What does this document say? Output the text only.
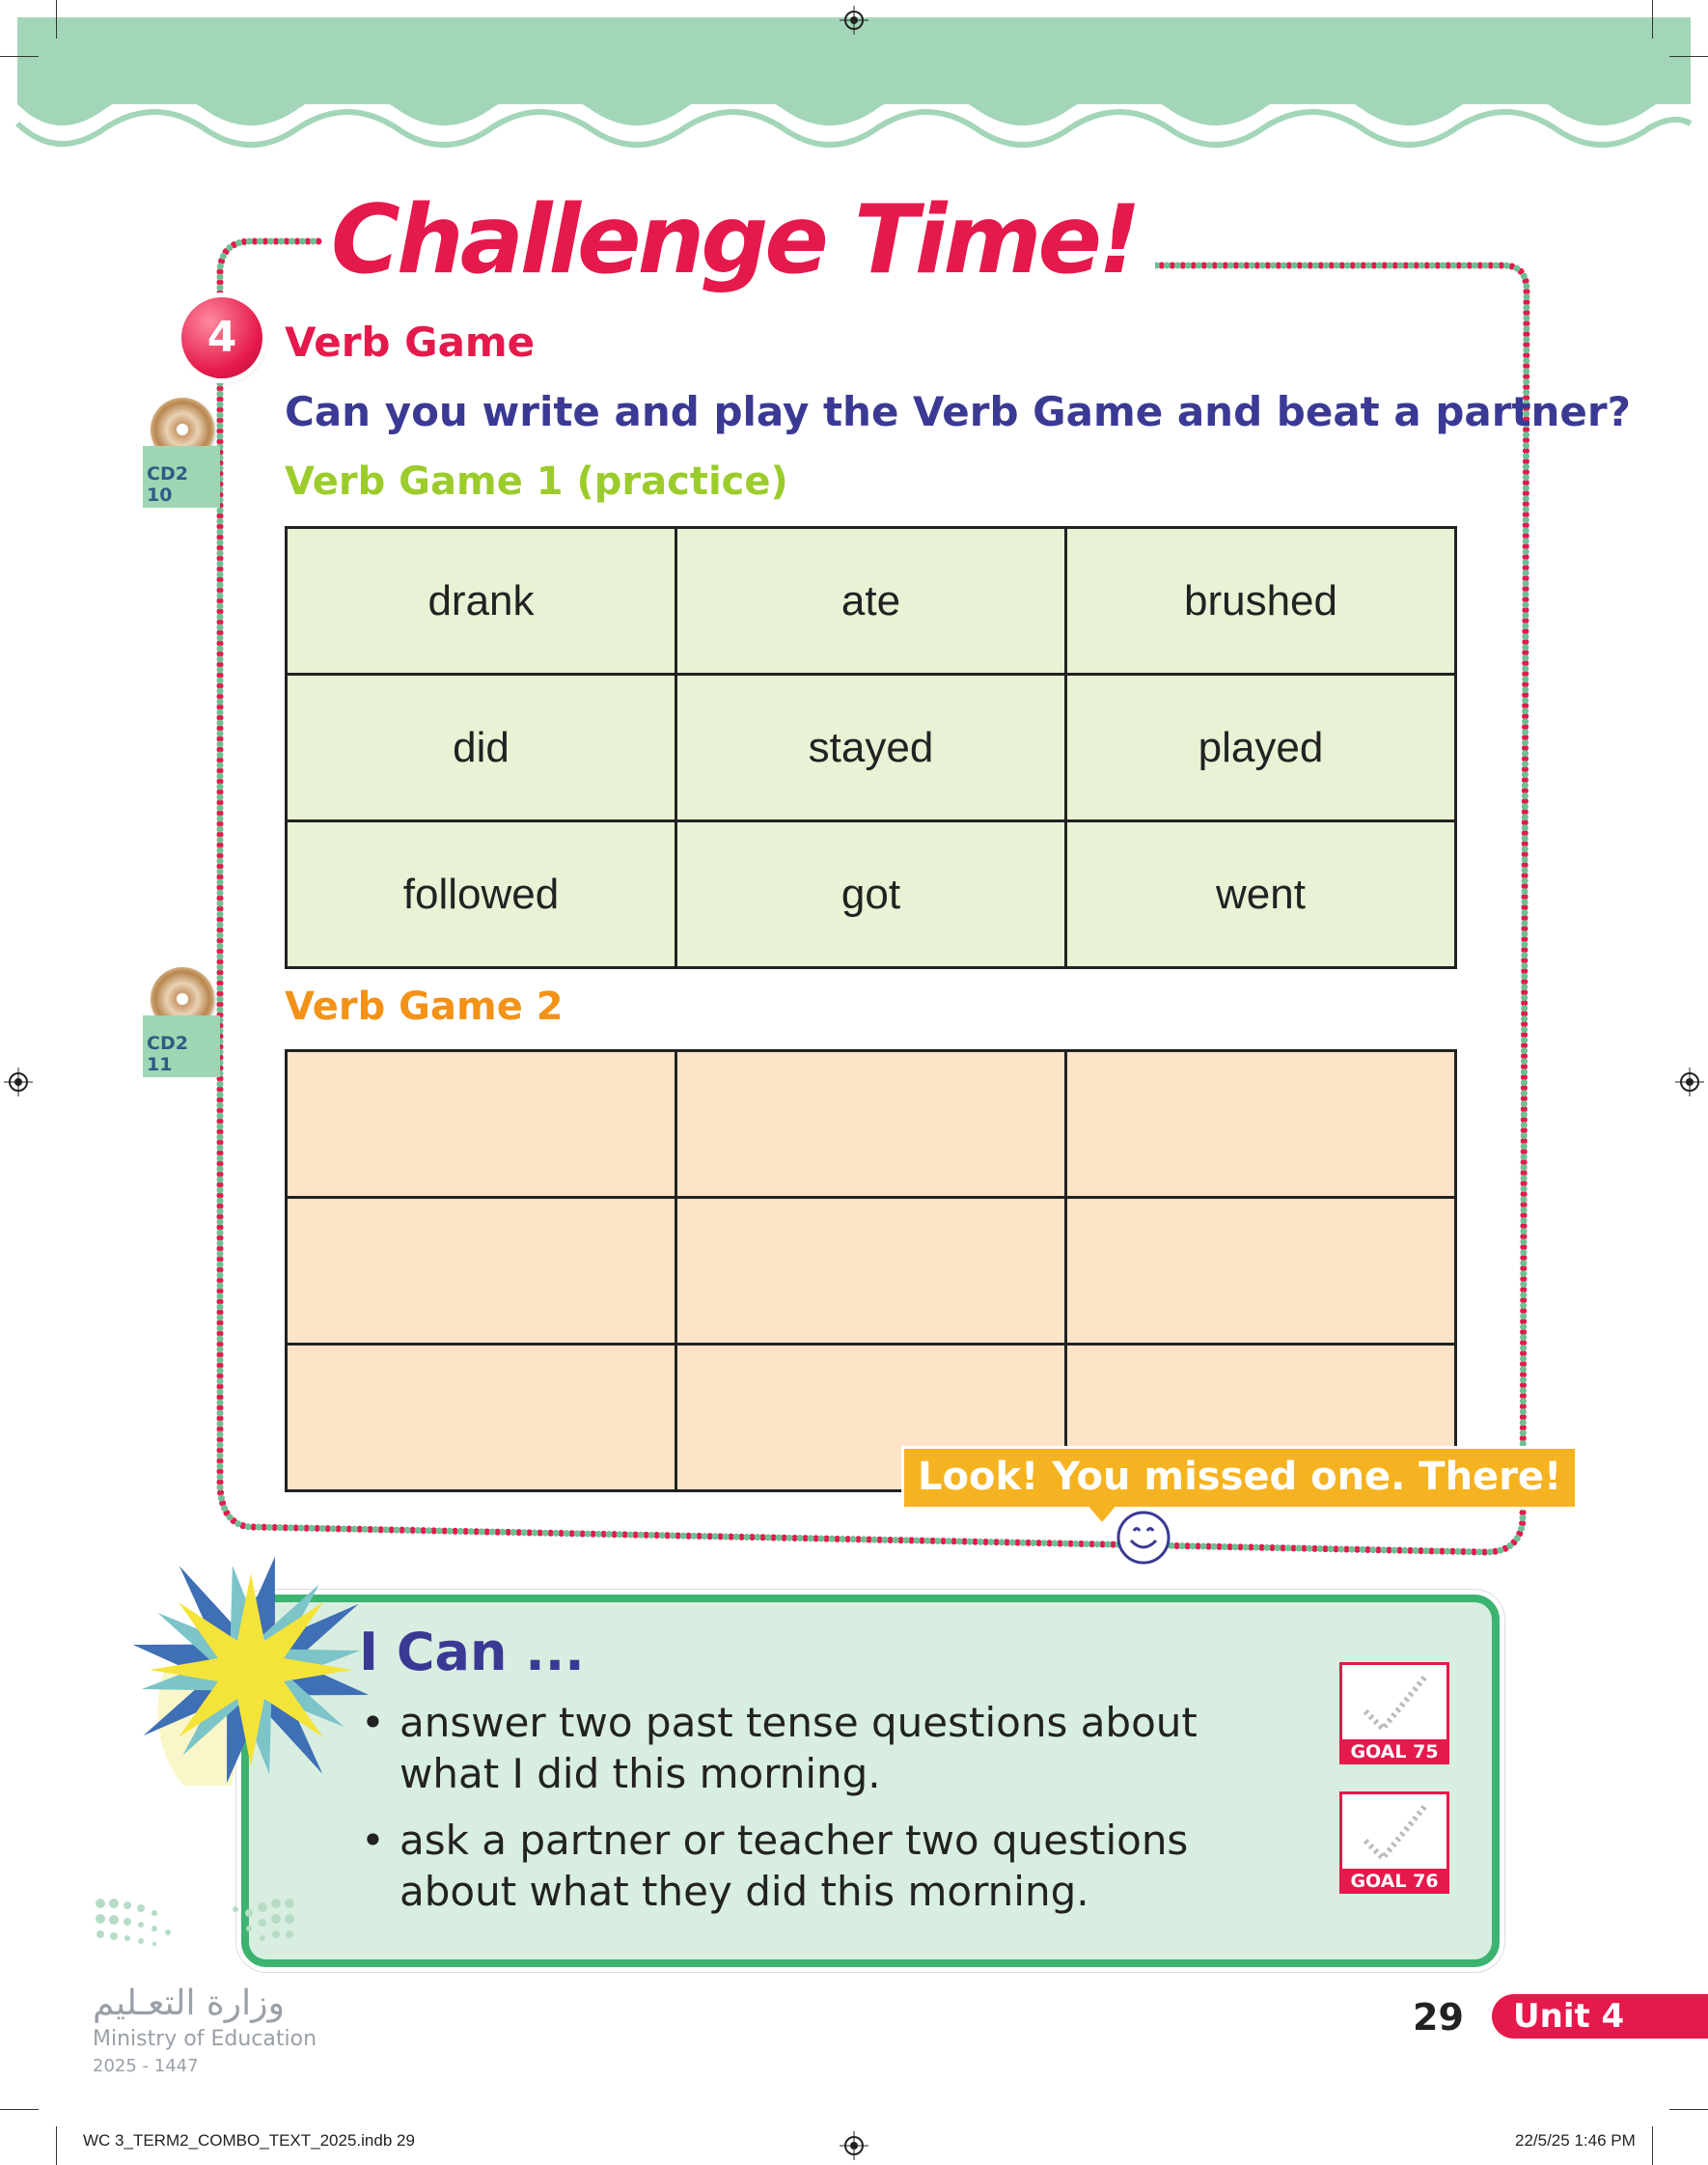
Challenge Time!
4	Verb Game
Can you write and play the Verb Game and beat a partner?
CD2 10
CD2 11
Verb Game 1 (practice)
drank	ate	brushed
did	stayed	played
followed	got	went
Verb Game 2

Look! You missed one. There!
I Can ...
• answer two past tense questions about what I did this morning.
• ask a partner or teacher two questions about what they did this morning.
GOAL 75
GOAL 76
وزارة التعـليم
Ministry of Education
2025 - 1447
29	Unit 4
WC 3_TERM2_COMBO_TEXT_2025.indb 29	22/5/25 1:46 PM
